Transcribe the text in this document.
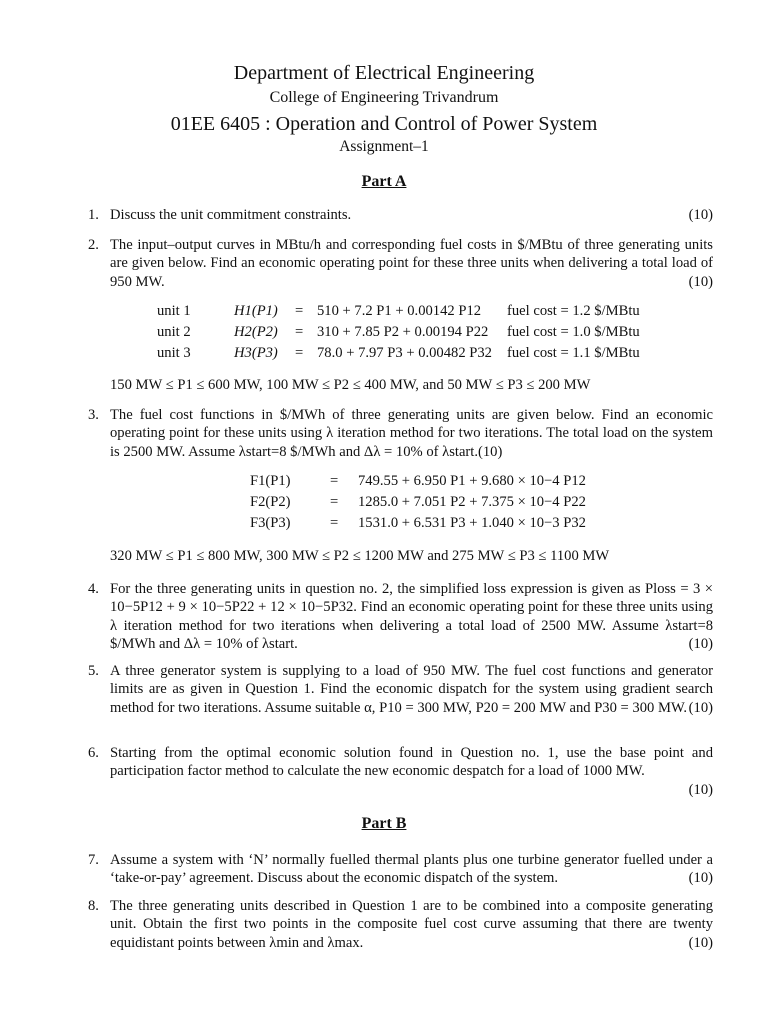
Department of Electrical Engineering
College of Engineering Trivandrum
01EE 6405 : Operation and Control of Power System
Assignment–1
Part A
1.	(10)
Discuss the unit commitment constraints.
2. The input–output curves in MBtu/h and corresponding fuel costs in $/MBtu of three generating units are given below. Find an economic operating point for these three units when delivering a total load of 950 MW.	(10)
unit 1	H1(P1) = 510 + 7.2 P1 + 0.00142 P12 fuel cost = 1.2 $/MBtu
unit 2	H2(P2) = 310 + 7.85 P2 + 0.00194 P22 fuel cost = 1.0 $/MBtu
unit 3	H3(P3) = 78.0 + 7.97 P3 + 0.00482 P32 fuel cost = 1.1 $/MBtu
150 MW ≤ P1 ≤ 600 MW, 100 MW ≤ P2 ≤ 400 MW, and 50 MW ≤ P3 ≤ 200 MW
3. The fuel cost functions in $/MWh of three generating units are given below. Find an economic operating point for these units using λ iteration method for two iterations. The total load on the system is 2500 MW. Assume λstart=8 $/MWh and Δλ = 10% of λstart.(10)
F1(P1)	= 749.55 + 6.950 P1 + 9.680 × 10−4 P12
F2(P2)	= 1285.0 + 7.051 P2 + 7.375 × 10−4 P22
F3(P3)	= 1531.0 + 6.531 P3 + 1.040 × 10−3 P32
320 MW ≤ P1 ≤ 800 MW, 300 MW ≤ P2 ≤ 1200 MW and 275 MW ≤ P3 ≤ 1100 MW
4. For the three generating units in question no. 2, the simplified loss expression is given as Ploss = 3 × 10−5P12 + 9 × 10−5P22 + 12 × 10−5P32. Find an economic operating point for these three units using λ iteration method for two iterations when delivering a total load of 2500 MW. Assume λstart=8 $/MWh and Δλ = 10% of λstart.	(10)
5. A three generator system is supplying to a load of 950 MW. The fuel cost functions and generator limits are as given in Question 1. Find the economic dispatch for the system using gradient search method for two iterations. Assume suitable α, P10 = 300 MW, P20 = 200 MW and P30 = 300 MW. (10)
6. Starting from the optimal economic solution found in Question no. 1, use the base point and participation factor method to calculate the new economic despatch for a load of 1000 MW.

(10)
Part B
7. Assume a system with ‘N’ normally fuelled thermal plants plus one turbine generator fuelled under a ‘take-or-pay’ agreement. Discuss about the economic dispatch of the system.	(10)
8. The three generating units described in Question 1 are to be combined into a composite generating unit. Obtain the first two points in the composite fuel cost curve assuming that there are twenty equidistant points between λmin and λmax.	(10)
